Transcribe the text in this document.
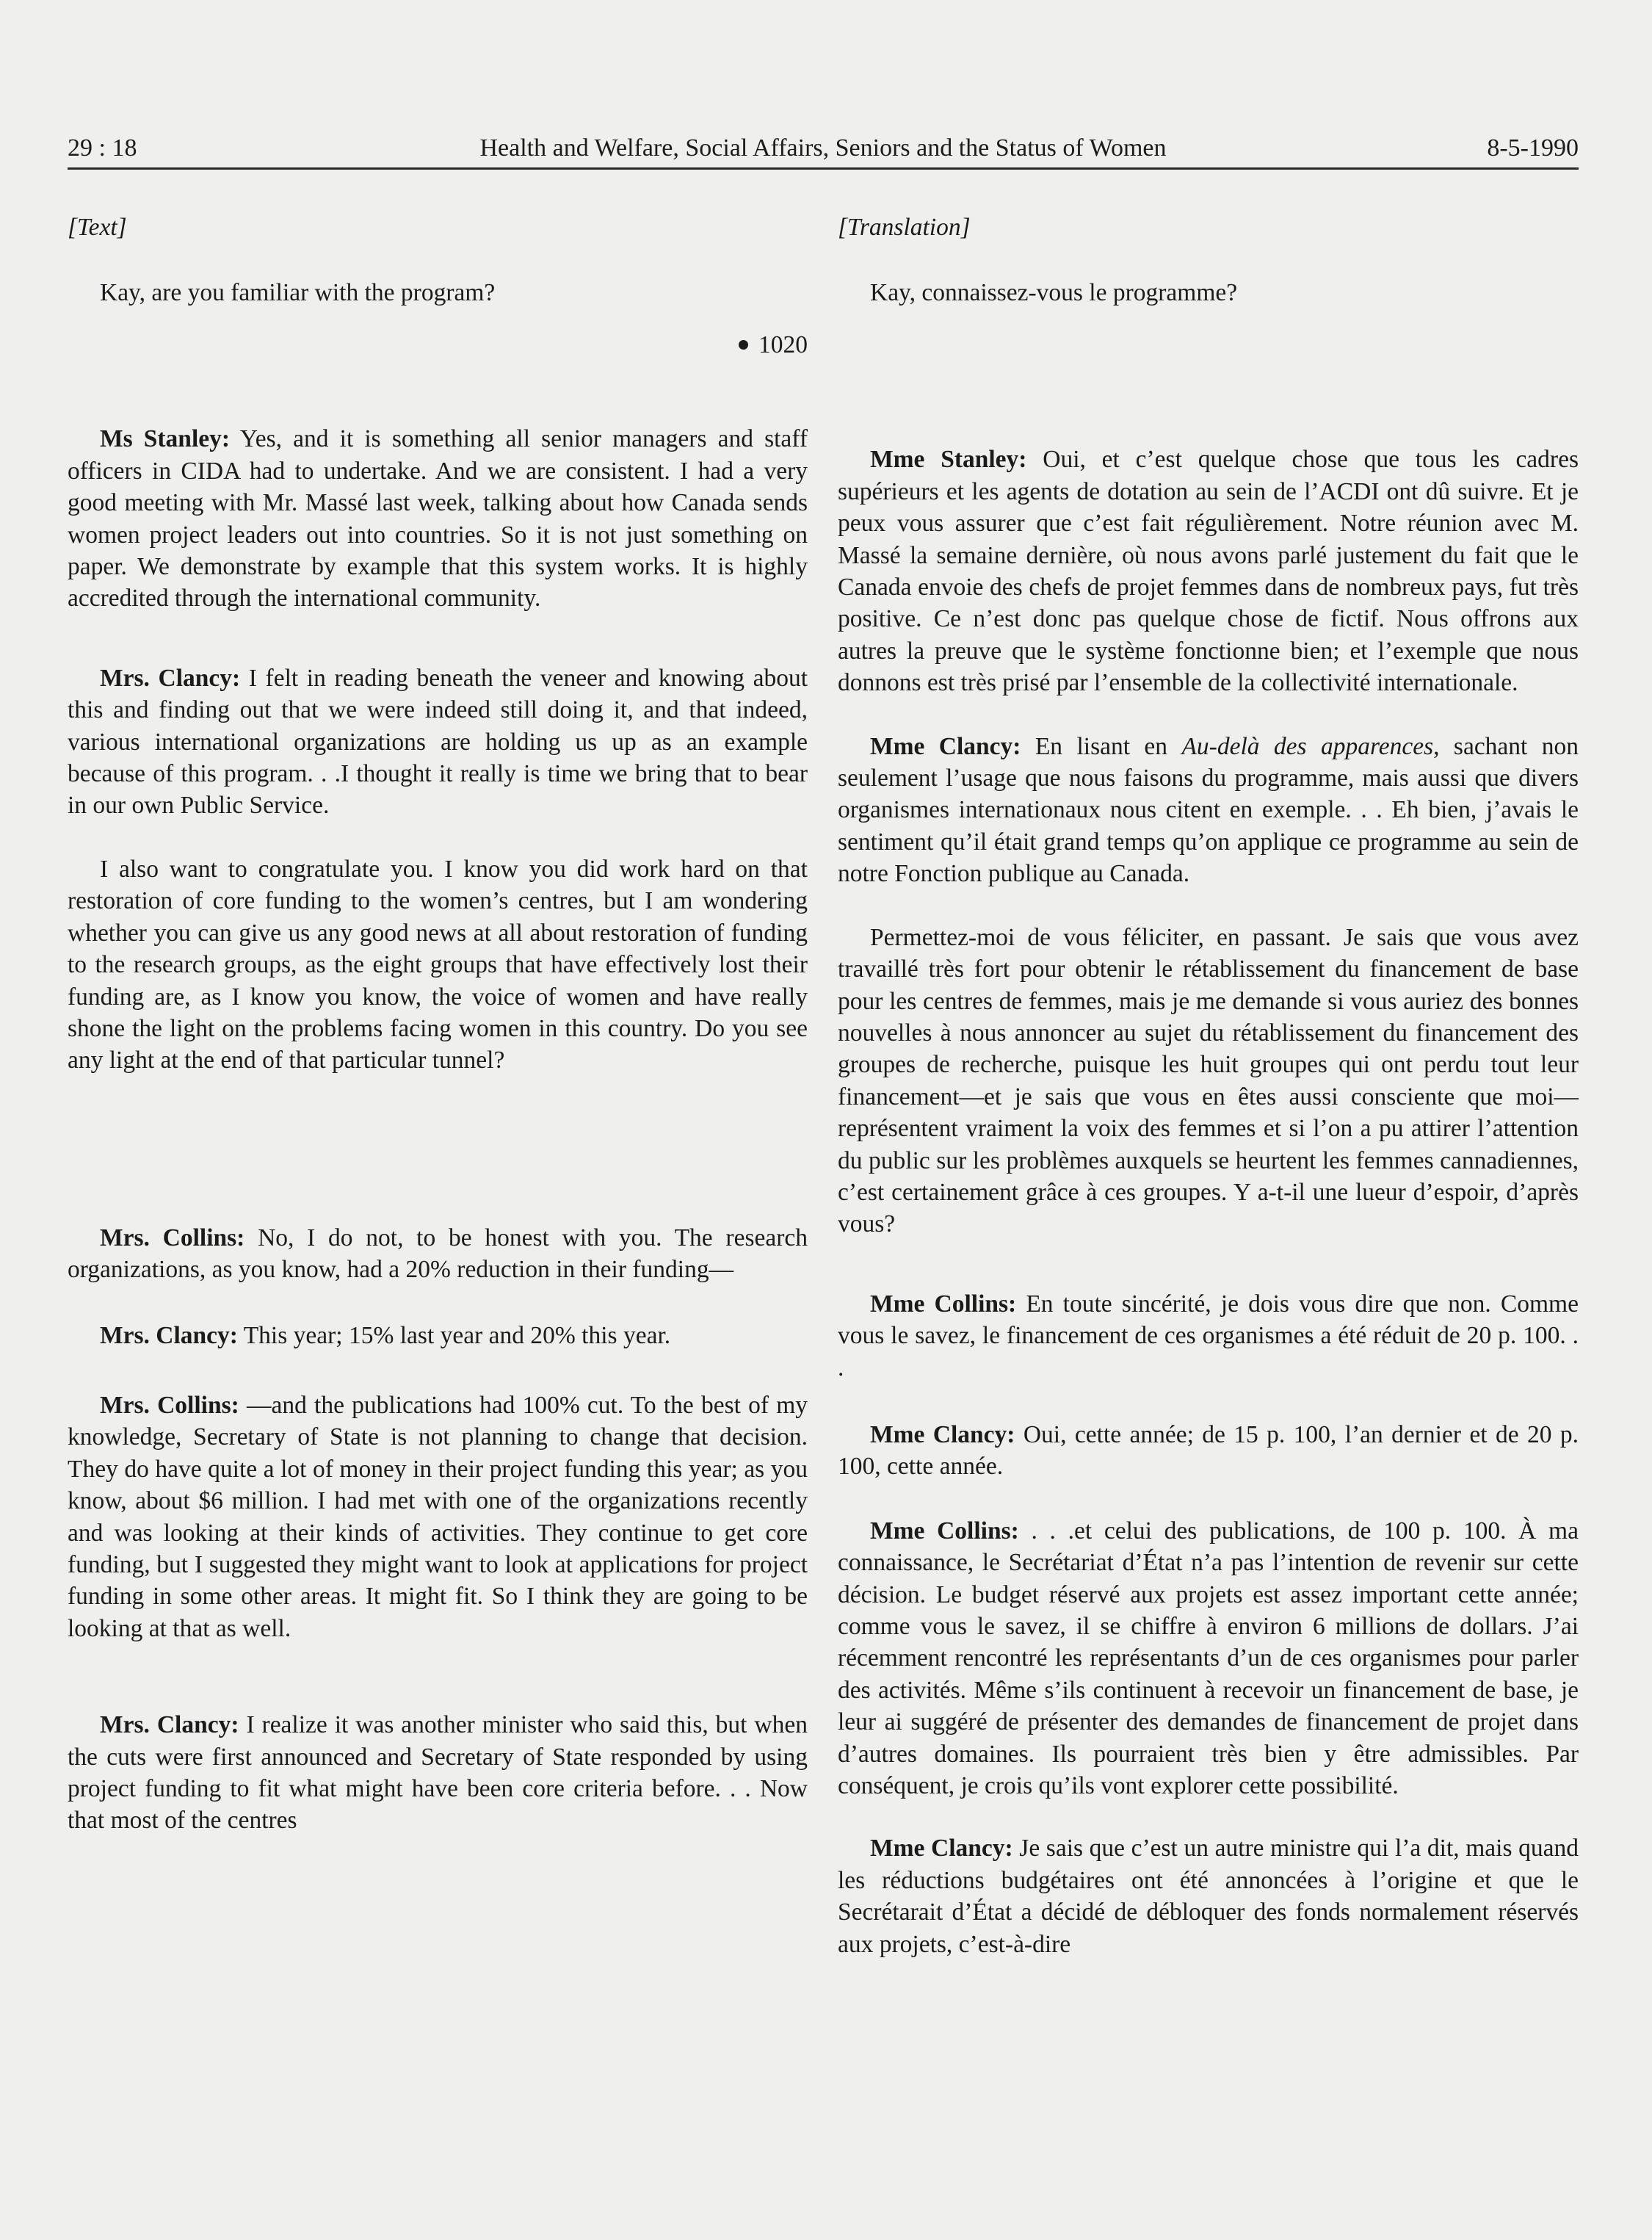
29 : 18	Health and Welfare, Social Affairs, Seniors and the Status of Women	8-5-1990
[Text]

Kay, are you familiar with the program?

1020

Ms Stanley: Yes, and it is something all senior managers and staff officers in CIDA had to undertake. And we are consistent. I had a very good meeting with Mr. Massé last week, talking about how Canada sends women project leaders out into countries. So it is not just something on paper. We demonstrate by example that this system works. It is highly accredited through the international community.

Mrs. Clancy: I felt in reading beneath the veneer and knowing about this and finding out that we were indeed still doing it, and that indeed, various international organizations are holding us up as an example because of this program. . .I thought it really is time we bring that to bear in our own Public Service.

I also want to congratulate you. I know you did work hard on that restoration of core funding to the women’s centres, but I am wondering whether you can give us any good news at all about restoration of funding to the research groups, as the eight groups that have effectively lost their funding are, as I know you know, the voice of women and have really shone the light on the problems facing women in this country. Do you see any light at the end of that particular tunnel?

Mrs. Collins: No, I do not, to be honest with you. The research organizations, as you know, had a 20% reduction in their funding—

Mrs. Clancy: This year; 15% last year and 20% this year.

Mrs. Collins: —and the publications had 100% cut. To the best of my knowledge, Secretary of State is not planning to change that decision. They do have quite a lot of money in their project funding this year; as you know, about $6 million. I had met with one of the organizations recently and was looking at their kinds of activities. They continue to get core funding, but I suggested they might want to look at applications for project funding in some other areas. It might fit. So I think they are going to be looking at that as well.

Mrs. Clancy: I realize it was another minister who said this, but when the cuts were first announced and Secretary of State responded by using project funding to fit what might have been core criteria before. . . Now that most of the centres

[Translation]

Kay, connaissez-vous le programme?

Mme Stanley: Oui, et c’est quelque chose que tous les cadres supérieurs et les agents de dotation au sein de l’ACDI ont dû suivre. Et je peux vous assurer que c’est fait régulièrement. Notre réunion avec M. Massé la semaine dernière, où nous avons parlé justement du fait que le Canada envoie des chefs de projet femmes dans de nombreux pays, fut très positive. Ce n’est donc pas quelque chose de fictif. Nous offrons aux autres la preuve que le système fonctionne bien; et l’exemple que nous donnons est très prisé par l’ensemble de la collectivité internationale.

Mme Clancy: En lisant en Au-delà des apparences, sachant non seulement l’usage que nous faisons du programme, mais aussi que divers organismes internationaux nous citent en exemple. . . Eh bien, j’avais le sentiment qu’il était grand temps qu’on applique ce programme au sein de notre Fonction publique au Canada.

Permettez-moi de vous féliciter, en passant. Je sais que vous avez travaillé très fort pour obtenir le rétablissement du financement de base pour les centres de femmes, mais je me demande si vous auriez des bonnes nouvelles à nous annoncer au sujet du rétablissement du financement des groupes de recherche, puisque les huit groupes qui ont perdu tout leur financement—et je sais que vous en êtes aussi consciente que moi—représentent vraiment la voix des femmes et si l’on a pu attirer l’attention du public sur les problèmes auxquels se heurtent les femmes cannadiennes, c’est certainement grâce à ces groupes. Y a-t-il une lueur d’espoir, d’après vous?

Mme Collins: En toute sincérité, je dois vous dire que non. Comme vous le savez, le financement de ces organismes a été réduit de 20 p. 100. . .

Mme Clancy: Oui, cette année; de 15 p. 100, l’an dernier et de 20 p. 100, cette année.

Mme Collins: . . .et celui des publications, de 100 p. 100. À ma connaissance, le Secrétariat d’État n’a pas l’intention de revenir sur cette décision. Le budget réservé aux projets est assez important cette année; comme vous le savez, il se chiffre à environ 6 millions de dollars. J’ai récemment rencontré les représentants d’un de ces organismes pour parler des activités. Même s’ils continuent à recevoir un financement de base, je leur ai suggéré de présenter des demandes de financement de projet dans d’autres domaines. Ils pourraient très bien y être admissibles. Par conséquent, je crois qu’ils vont explorer cette possibilité.

Mme Clancy: Je sais que c’est un autre ministre qui l’a dit, mais quand les réductions budgétaires ont été annoncées à l’origine et que le Secrétarait d’État a décidé de débloquer des fonds normalement réservés aux projets, c’est-à-dire
